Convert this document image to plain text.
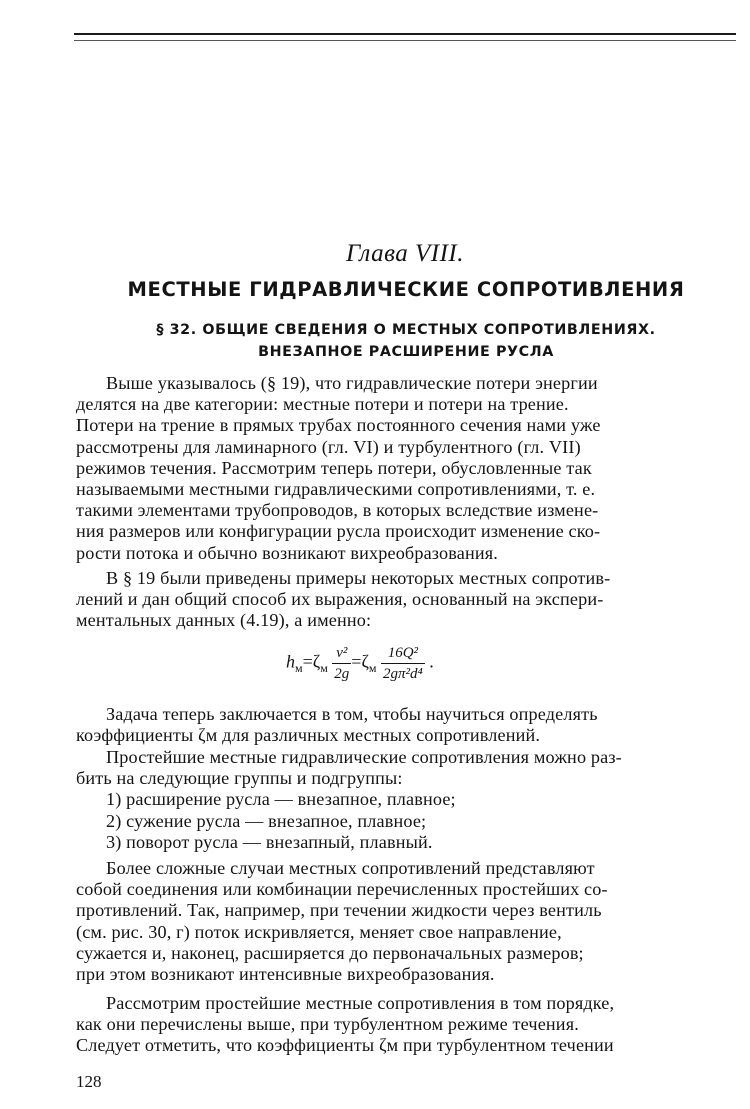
Глава VIII.
МЕСТНЫЕ ГИДРАВЛИЧЕСКИЕ СОПРОТИВЛЕНИЯ
§ 32. ОБЩИЕ СВЕДЕНИЯ О МЕСТНЫХ СОПРОТИВЛЕНИЯХ.
ВНЕЗАПНОЕ РАСШИРЕНИЕ РУСЛА
Выше указывалось (§ 19), что гидравлические потери энергии
делятся на две категории: местные потери и потери на трение.
Потери на трение в прямых трубах постоянного сечения нами уже
рассмотрены для ламинарного (гл. VI) и турбулентного (гл. VII)
режимов течения. Рассмотрим теперь потери, обусловленные так
называемыми местными гидравлическими сопротивлениями, т. е.
такими элементами трубопроводов, в которых вследствие измене-
ния размеров или конфигурации русла происходит изменение ско-
рости потока и обычно возникают вихреобразования.
В § 19 были приведены примеры некоторых местных сопротив-
лений и дан общий способ их выражения, основанный на экспери-
ментальных данных (4.19), а именно:
$h_м=\zeta_м \frac{\text{v²}}{2g} =\zeta_м \frac{\text{16Q²}}{\text{2gπ²d⁴}}$ .
Задача теперь заключается в том, чтобы научиться определять
коэффициенты ζм для различных местных сопротивлений.
Простейшие местные гидравлические сопротивления можно раз-
бить на следующие группы и подгруппы:
1) расширение русла — внезапное, плавное;
2) сужение русла — внезапное, плавное;
3) поворот русла — внезапный, плавный.
Более сложные случаи местных сопротивлений представляют
собой соединения или комбинации перечисленных простейших со-
противлений. Так, например, при течении жидкости через вентиль
(см. рис. 30, г) поток искривляется, меняет свое направление,
сужается и, наконец, расширяется до первоначальных размеров;
при этом возникают интенсивные вихреобразования.
Рассмотрим простейшие местные сопротивления в том порядке,
как они перечислены выше, при турбулентном режиме течения.
Следует отметить, что коэффициенты ζм при турбулентном течении
128
